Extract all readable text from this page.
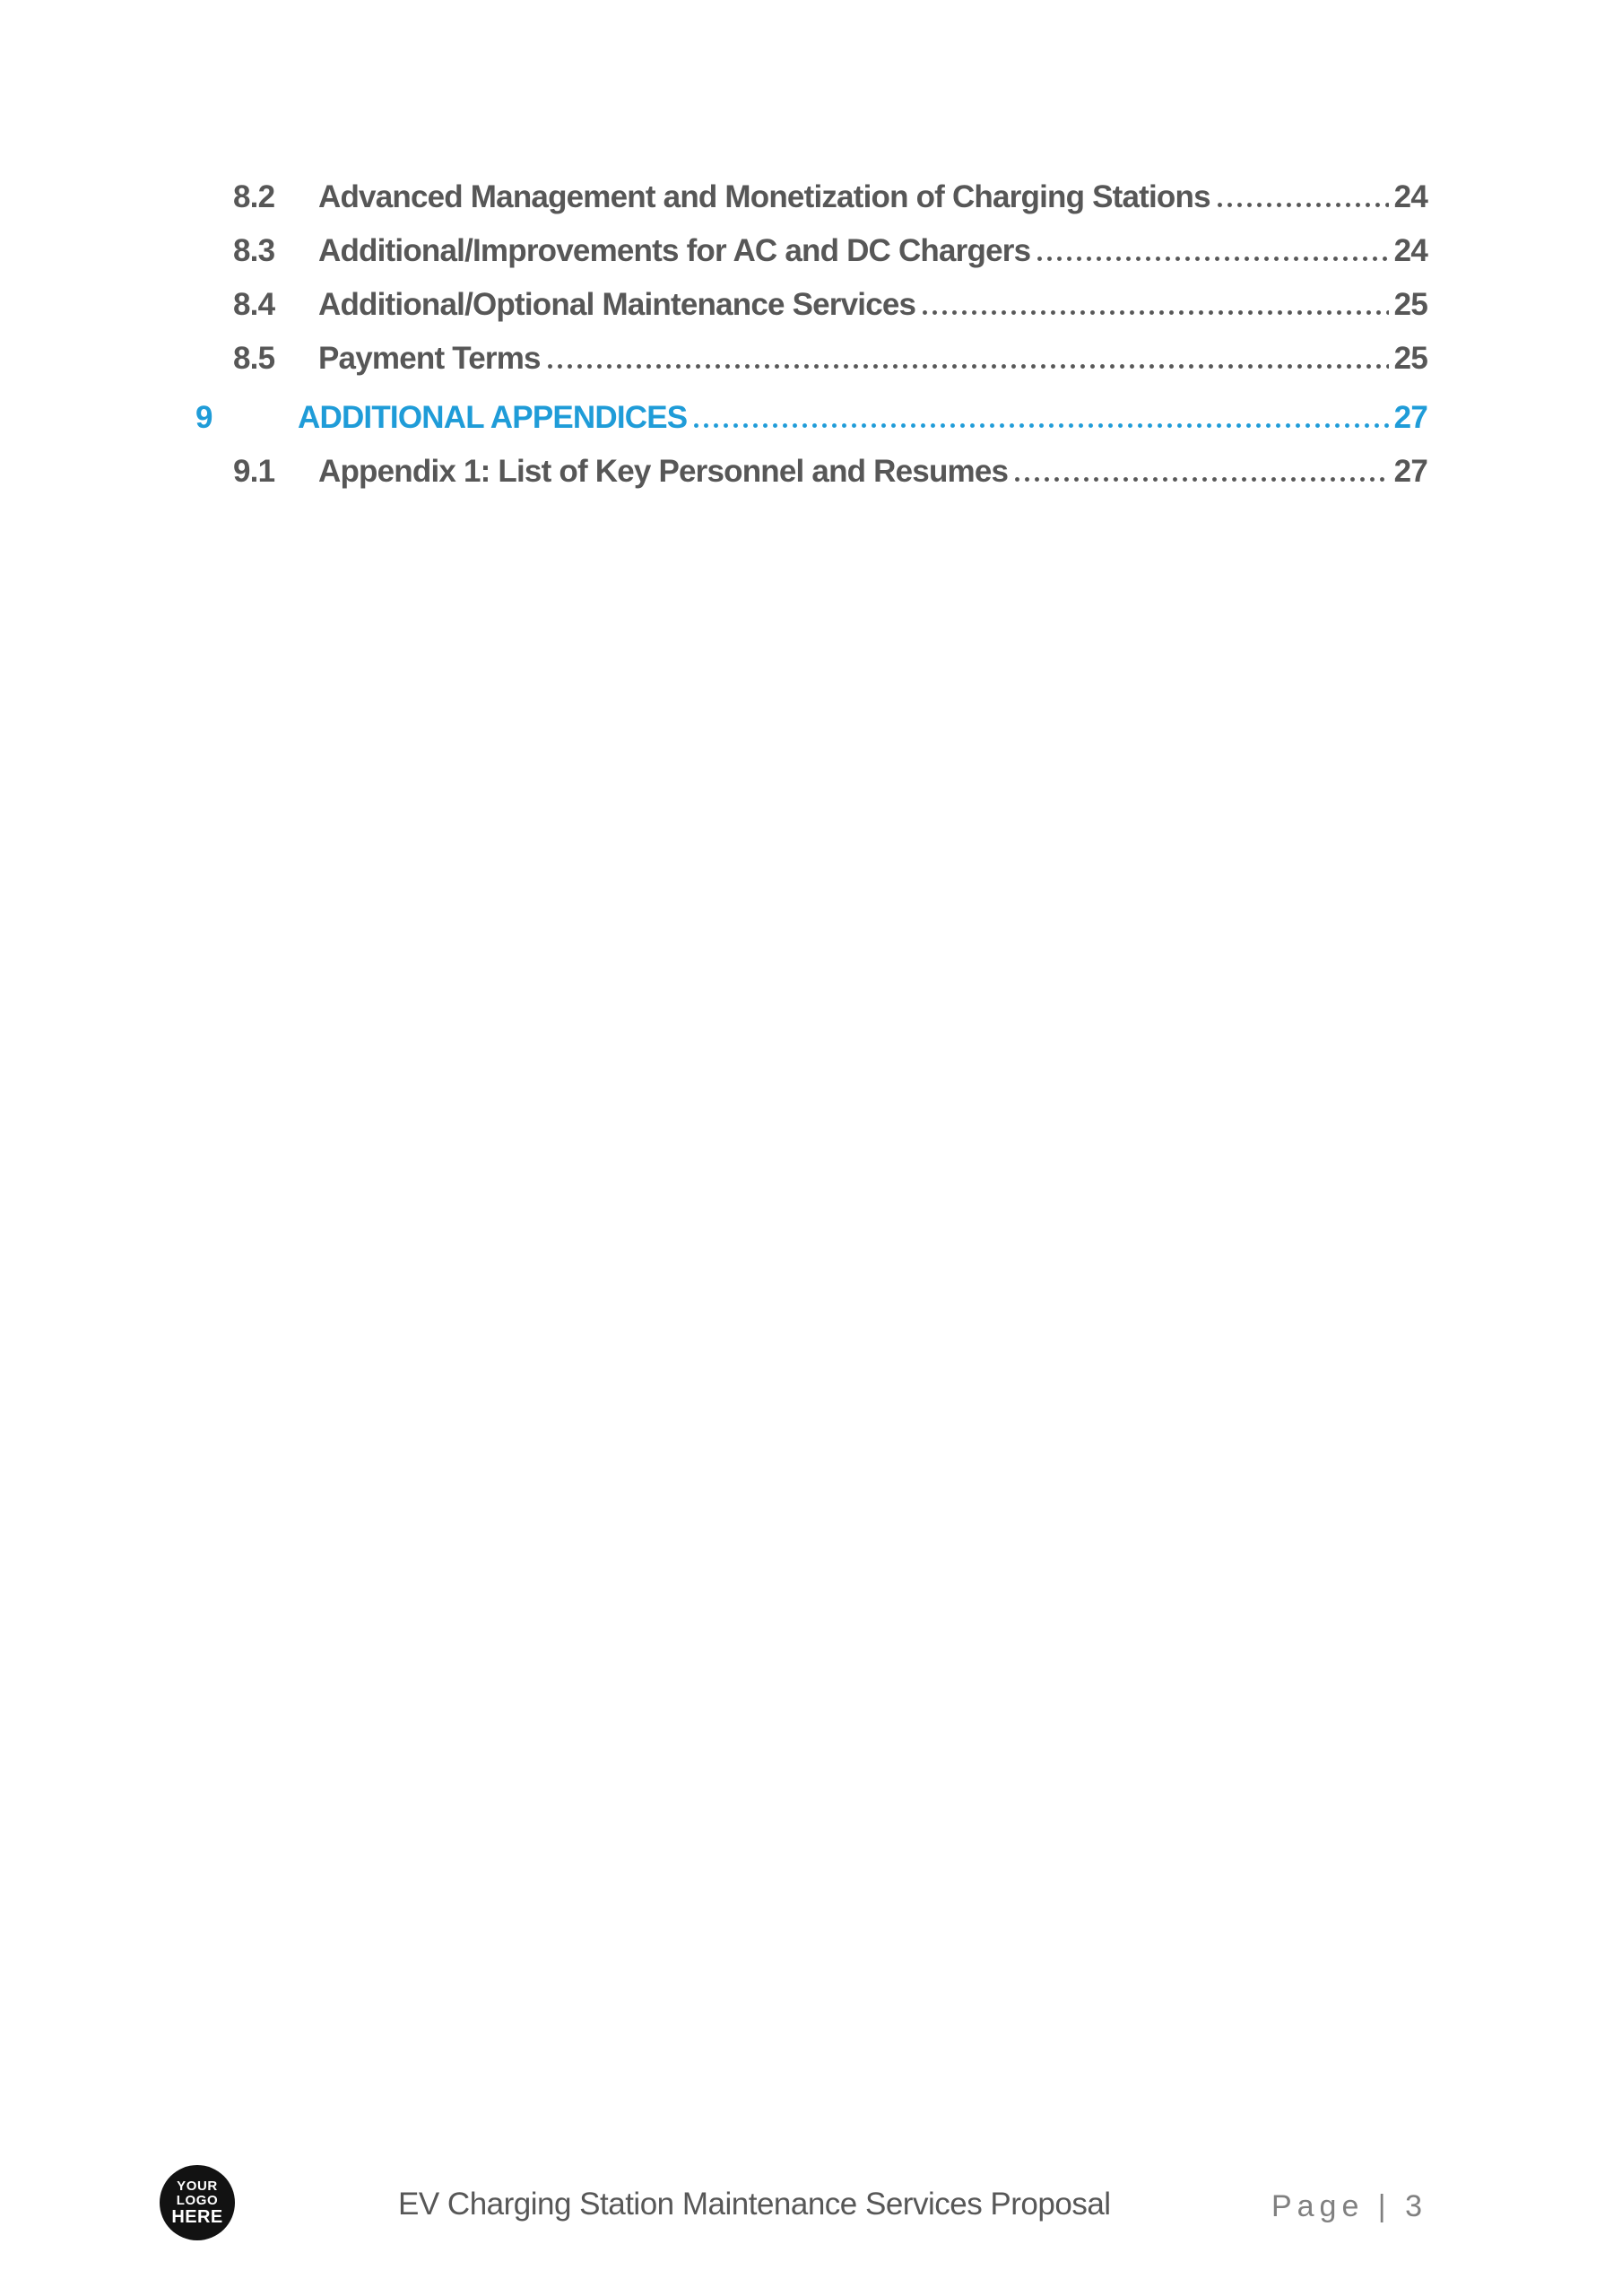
8.2	Advanced Management and Monetization of Charging Stations	24
8.3	Additional/Improvements for AC and DC Chargers	24
8.4	Additional/Optional Maintenance Services	25
8.5	Payment Terms	25
9	ADDITIONAL APPENDICES	27
9.1	Appendix 1: List of Key Personnel and Resumes	27
YOUR
LOGO
HERE	EV Charging Station Maintenance Services Proposal	Page | 3
